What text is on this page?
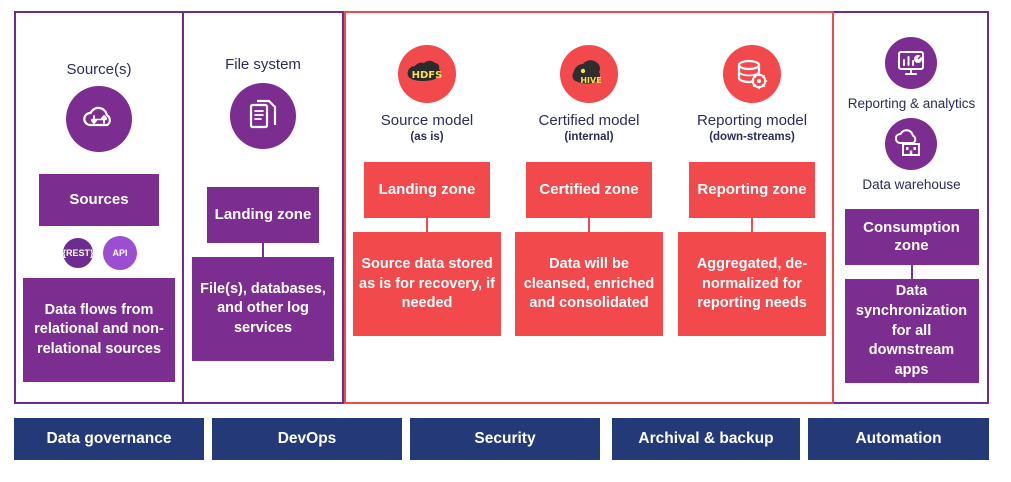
Source(s)
Sources
{REST} API
Data flows from relational and non-relational sources
File system
Landing zone
File(s), databases, and other log services
HDFS
Source model
(as is)
Landing zone
Source data stored as is for recovery, if needed
HIVE
Certified model
(internal)
Certified zone
Data will be cleansed, enriched and consolidated
Reporting model
(down-streams)
Reporting zone
Aggregated, de-normalized for reporting needs
Reporting & analytics
Data warehouse
Consumption zone
Data synchronization for all downstream apps
Data governance	DevOps	Security	Archival & backup	Automation
